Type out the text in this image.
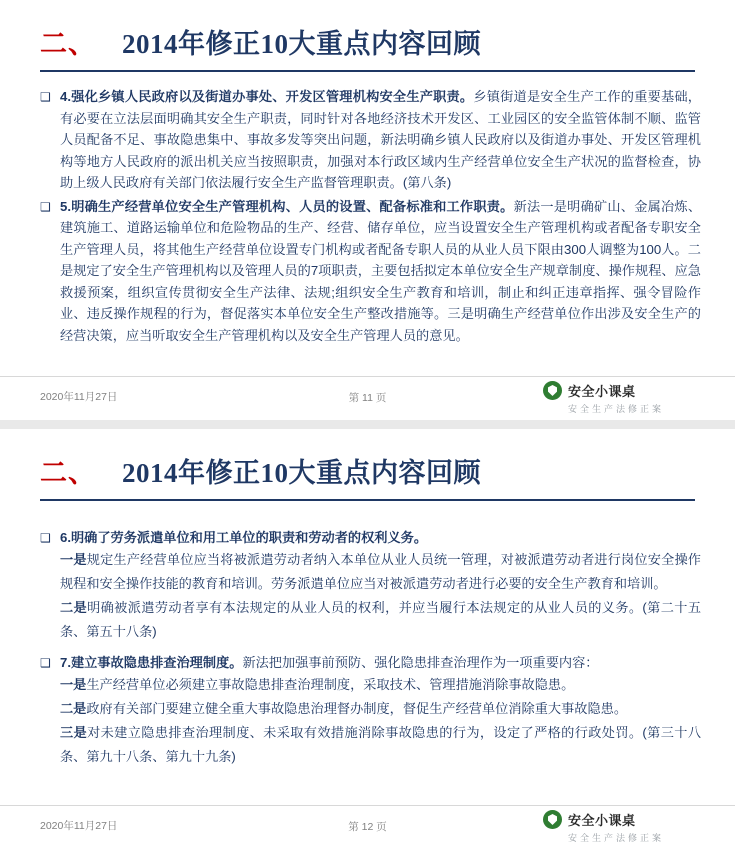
二、 2014年修正10大重点内容回顾
❑ 4.强化乡镇人民政府以及街道办事处、开发区管理机构安全生产职责。乡镇街道是安全生产工作的重要基础，有必要在立法层面明确其安全生产职责，同时针对各地经济技术开发区、工业园区的安全监管体制不顺、监管人员配备不足、事故隐患集中、事故多发等突出问题，新法明确乡镇人民政府以及街道办事处、开发区管理机构等地方人民政府的派出机关应当按照职责，加强对本行政区域内生产经营单位安全生产状况的监督检查，协助上级人民政府有关部门依法履行安全生产监督管理职责。(第八条)
❑ 5.明确生产经营单位安全生产管理机构、人员的设置、配备标准和工作职责。新法一是明确矿山、金属冶炼、建筑施工、道路运输单位和危险物品的生产、经营、储存单位，应当设置安全生产管理机构或者配备专职安全生产管理人员，将其他生产经营单位设置专门机构或者配备专职人员的从业人员下限由300人调整为100人。二是规定了安全生产管理机构以及管理人员的7项职责，主要包括拟定本单位安全生产规章制度、操作规程、应急救援预案，组织宣传贯彻安全生产法律、法规;组织安全生产教育和培训，制止和纠正违章指挥、强令冒险作业、违反操作规程的行为，督促落实本单位安全生产整改措施等。三是明确生产经营单位作出涉及安全生产的经营决策，应当听取安全生产管理机构以及安全生产管理人员的意见。
2020年11月27日	第 11 页	安全小课桌
安全生产法修正案
二、 2014年修正10大重点内容回顾
❑ 6.明确了劳务派遣单位和用工单位的职责和劳动者的权利义务。
一是规定生产经营单位应当将被派遣劳动者纳入本单位从业人员统一管理，对被派遣劳动者进行岗位安全操作规程和安全操作技能的教育和培训。劳务派遣单位应当对被派遣劳动者进行必要的安全生产教育和培训。
二是明确被派遣劳动者享有本法规定的从业人员的权利，并应当履行本法规定的从业人员的义务。(第二十五条、第五十八条)
❑ 7.建立事故隐患排查治理制度。新法把加强事前预防、强化隐患排查治理作为一项重要内容：
一是生产经营单位必须建立事故隐患排查治理制度，采取技术、管理措施消除事故隐患。
二是政府有关部门要建立健全重大事故隐患治理督办制度，督促生产经营单位消除重大事故隐患。
三是对未建立隐患排查治理制度、未采取有效措施消除事故隐患的行为，设定了严格的行政处罚。(第三十八条、第九十八条、第九十九条)
2020年11月27日	第 12 页	安全小课桌
安全生产法修正案
